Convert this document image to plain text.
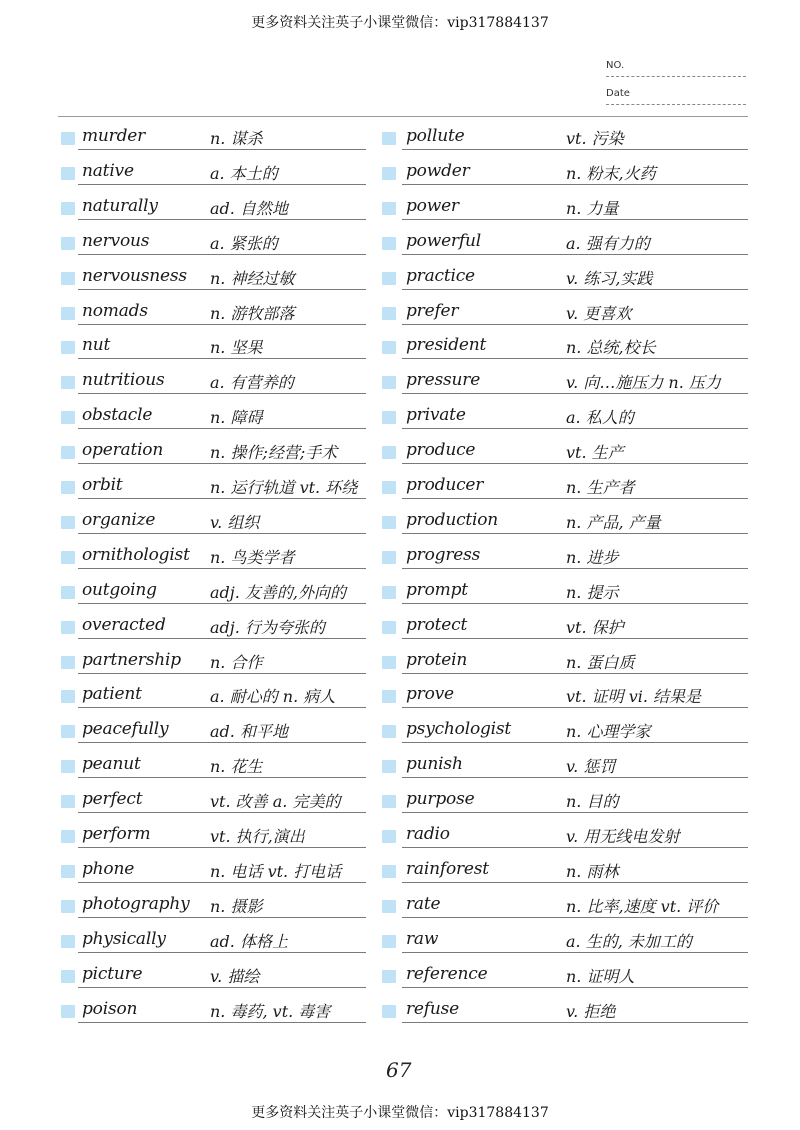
更多资料关注英子小课堂微信：vip317884137
NO.
Date
murder	n. 谋杀	pollute	vt. 污染
native	a. 本土的	powder	n. 粉末,火药
naturally	ad. 自然地	power	n. 力量
nervous	a. 紧张的	powerful	a. 强有力的
nervousness n. 神经过敏	practice	v. 练习,实践
nomads	n. 游牧部落	prefer	v. 更喜欢
nut	n. 坚果	president	n. 总统,校长
nutritious	a. 有营养的	pressure	v. 向…施压力 n. 压力
obstacle	n. 障碍	private	a. 私人的
operation	n. 操作;经营;手术	produce	vt. 生产
orbit	n. 运行轨道 vt. 环绕	producer	n. 生产者
organize	v. 组织	production	n. 产品, 产量
ornithologist n. 鸟类学者	progress	n. 进步
outgoing	adj. 友善的,外向的	prompt	n. 提示
overacted	adj. 行为夸张的	protect	vt. 保护
partnership n. 合作	protein	n. 蛋白质
patient	a. 耐心的 n. 病人	prove	vt. 证明 vi. 结果是
peacefully	ad. 和平地	psychologist	n. 心理学家
peanut	n. 花生	punish	v. 惩罚
perfect	vt. 改善 a. 完美的	purpose	n. 目的
perform	vt. 执行,演出	radio	v. 用无线电发射
phone	n. 电话 vt. 打电话	rainforest	n. 雨林
photography n. 摄影	rate	n. 比率,速度 vt. 评价
physically	ad. 体格上	raw	a. 生的, 未加工的
picture	v. 描绘	reference	n. 证明人
poison	n. 毒药, vt. 毒害	refuse	v. 拒绝
67
更多资料关注英子小课堂微信：vip317884137
